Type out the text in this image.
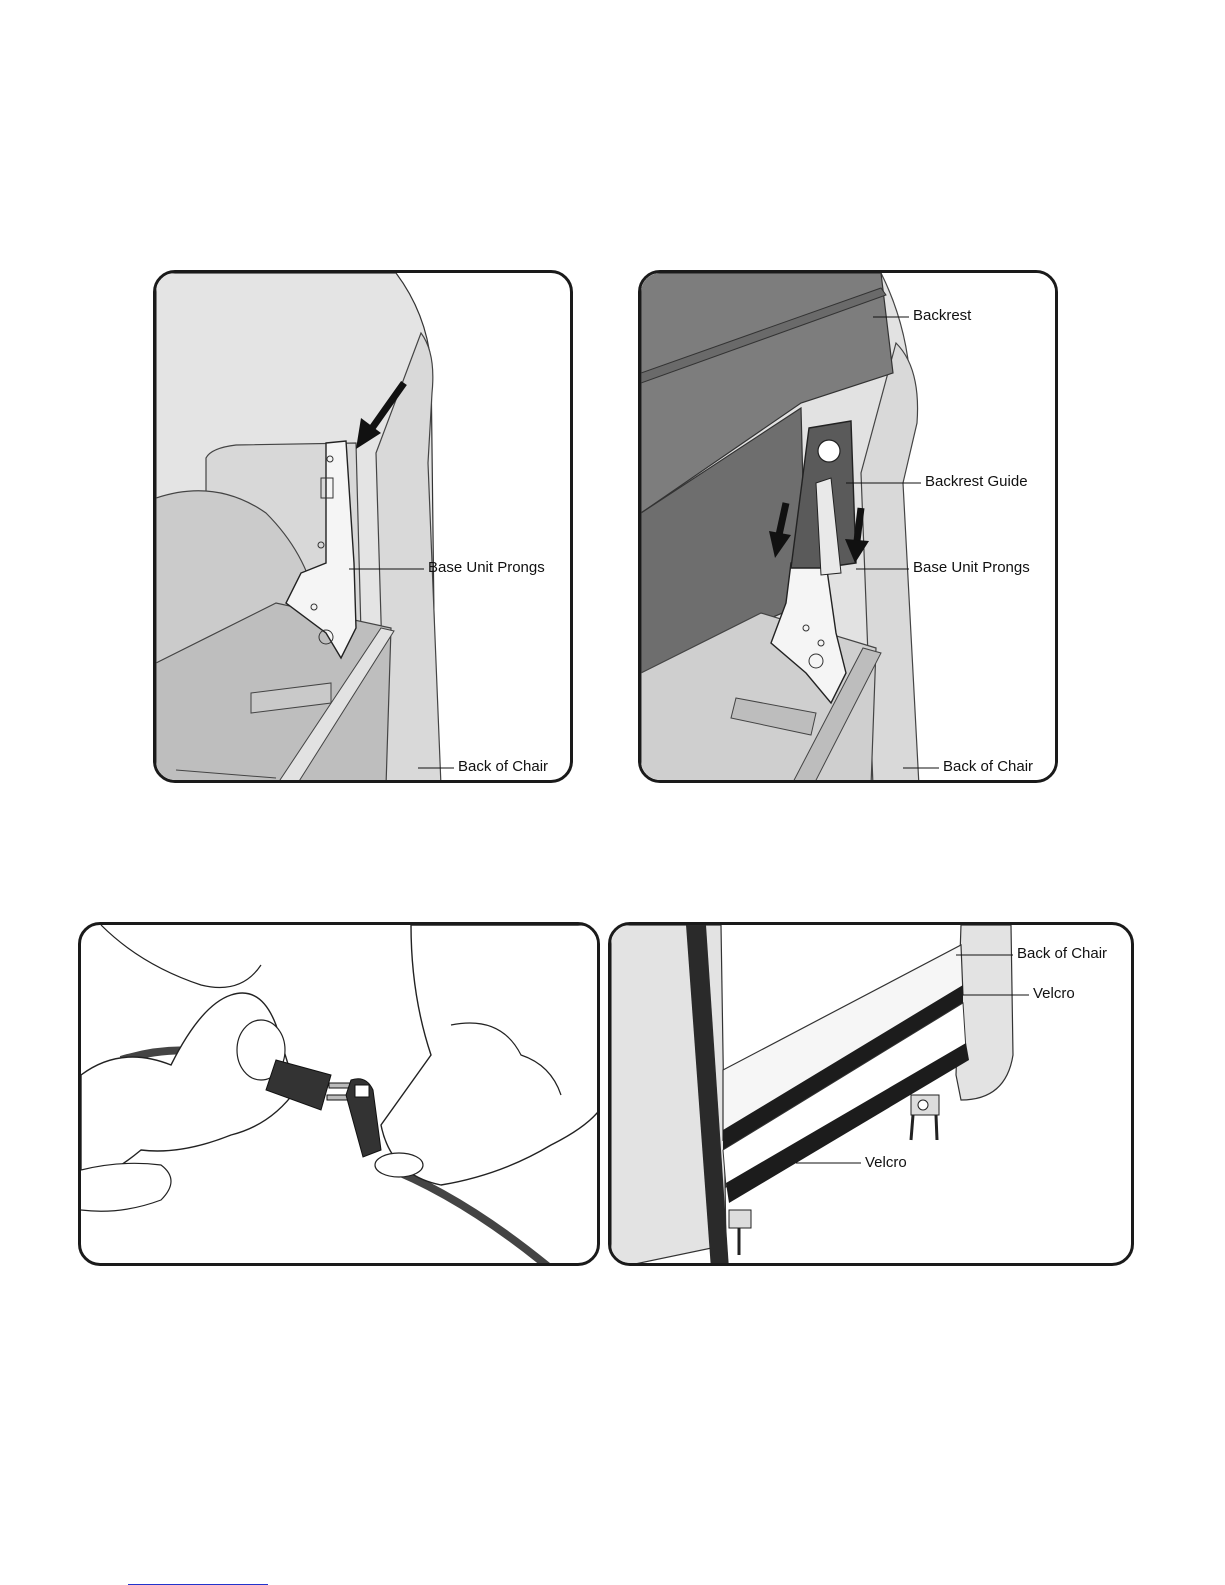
Base Unit Prongs
Back of Chair
Backrest
Backrest Guide
Base Unit Prongs
Back of Chair
Back of Chair
Velcro
Velcro
